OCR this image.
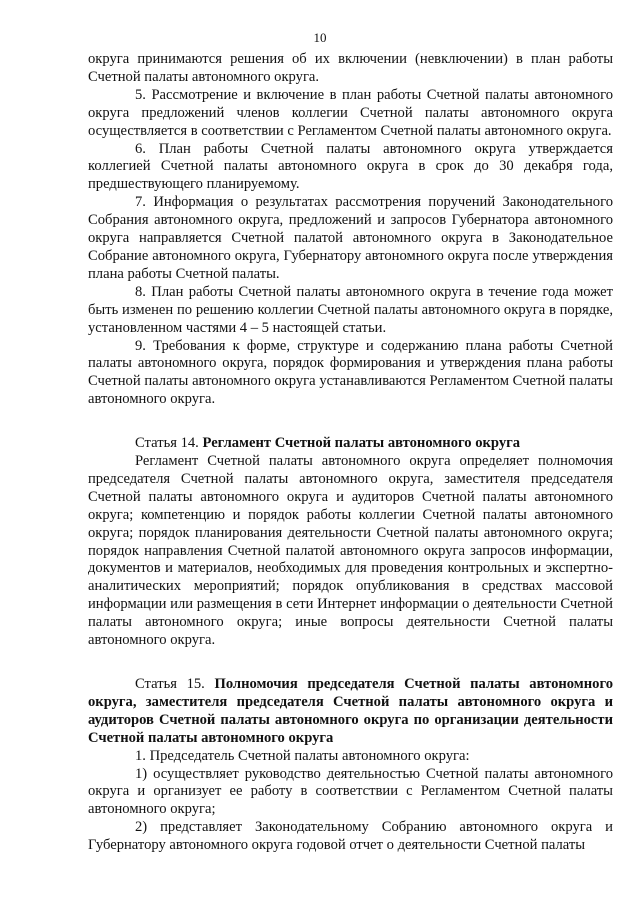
10

округа принимаются решения об их включении (невключении) в план работы Счетной палаты автономного округа.

5. Рассмотрение и включение в план работы Счетной палаты автономного округа предложений членов коллегии Счетной палаты автономного округа осуществляется в соответствии с Регламентом Счетной палаты автономного округа.

6. План работы Счетной палаты автономного округа утверждается коллегией Счетной палаты автономного округа в срок до 30 декабря года, предшествующего планируемому.

7. Информация о результатах рассмотрения поручений Законодательного Собрания автономного округа, предложений и запросов Губернатора автономного округа направляется Счетной палатой автономного округа в Законодательное Собрание автономного округа, Губернатору автономного округа после утверждения плана работы Счетной палаты.

8. План работы Счетной палаты автономного округа в течение года может быть изменен по решению коллегии Счетной палаты автономного округа в порядке, установленном частями 4 – 5 настоящей статьи.

9. Требования к форме, структуре и содержанию плана работы Счетной палаты автономного округа, порядок формирования и утверждения плана работы Счетной палаты автономного округа устанавливаются Регламентом Счетной палаты автономного округа.

Статья 14. Регламент Счетной палаты автономного округа

Регламент Счетной палаты автономного округа определяет полномочия председателя Счетной палаты автономного округа, заместителя председателя Счетной палаты автономного округа и аудиторов Счетной палаты автономного округа; компетенцию и порядок работы коллегии Счетной палаты автономного округа; порядок планирования деятельности Счетной палаты автономного округа; порядок направления Счетной палатой автономного округа запросов информации, документов и материалов, необходимых для проведения контрольных и экспертно-аналитических мероприятий; порядок опубликования в средствах массовой информации или размещения в сети Интернет информации о деятельности Счетной палаты автономного округа; иные вопросы деятельности Счетной палаты автономного округа.

Статья 15. Полномочия председателя Счетной палаты автономного округа, заместителя председателя Счетной палаты автономного округа и аудиторов Счетной палаты автономного округа по организации деятельности Счетной палаты автономного округа

1. Председатель Счетной палаты автономного округа:

1) осуществляет руководство деятельностью Счетной палаты автономного округа и организует ее работу в соответствии с Регламентом Счетной палаты автономного округа;

2) представляет Законодательному Собранию автономного округа и Губернатору автономного округа годовой отчет о деятельности Счетной палаты
